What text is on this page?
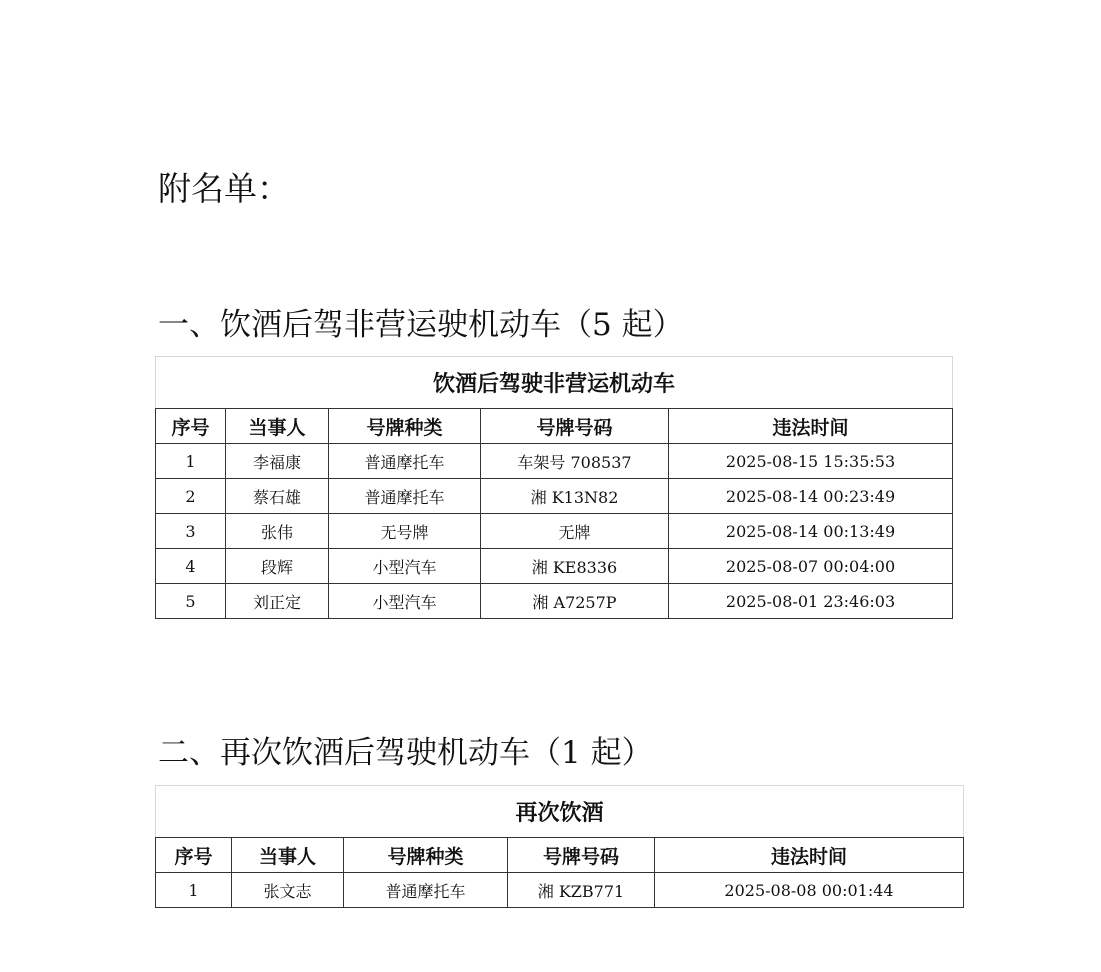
附名单：
一、饮酒后驾非营运驶机动车（5 起）
饮酒后驾驶非营运机动车				
序号	当事人	号牌种类	号牌号码	违法时间
1	李福康	普通摩托车	车架号 708537	2025-08-15 15:35:53
2	蔡石雄	普通摩托车	湘 K13N82	2025-08-14 00:23:49
3	张伟	无号牌	无牌	2025-08-14 00:13:49
4	段辉	小型汽车	湘 KE8336	2025-08-07 00:04:00
5	刘正定	小型汽车	湘 A7257P	2025-08-01 23:46:03
二、再次饮酒后驾驶机动车（1 起）
再次饮酒				
序号	当事人	号牌种类	号牌号码	违法时间
1	张文志	普通摩托车	湘 KZB771	2025-08-08 00:01:44
